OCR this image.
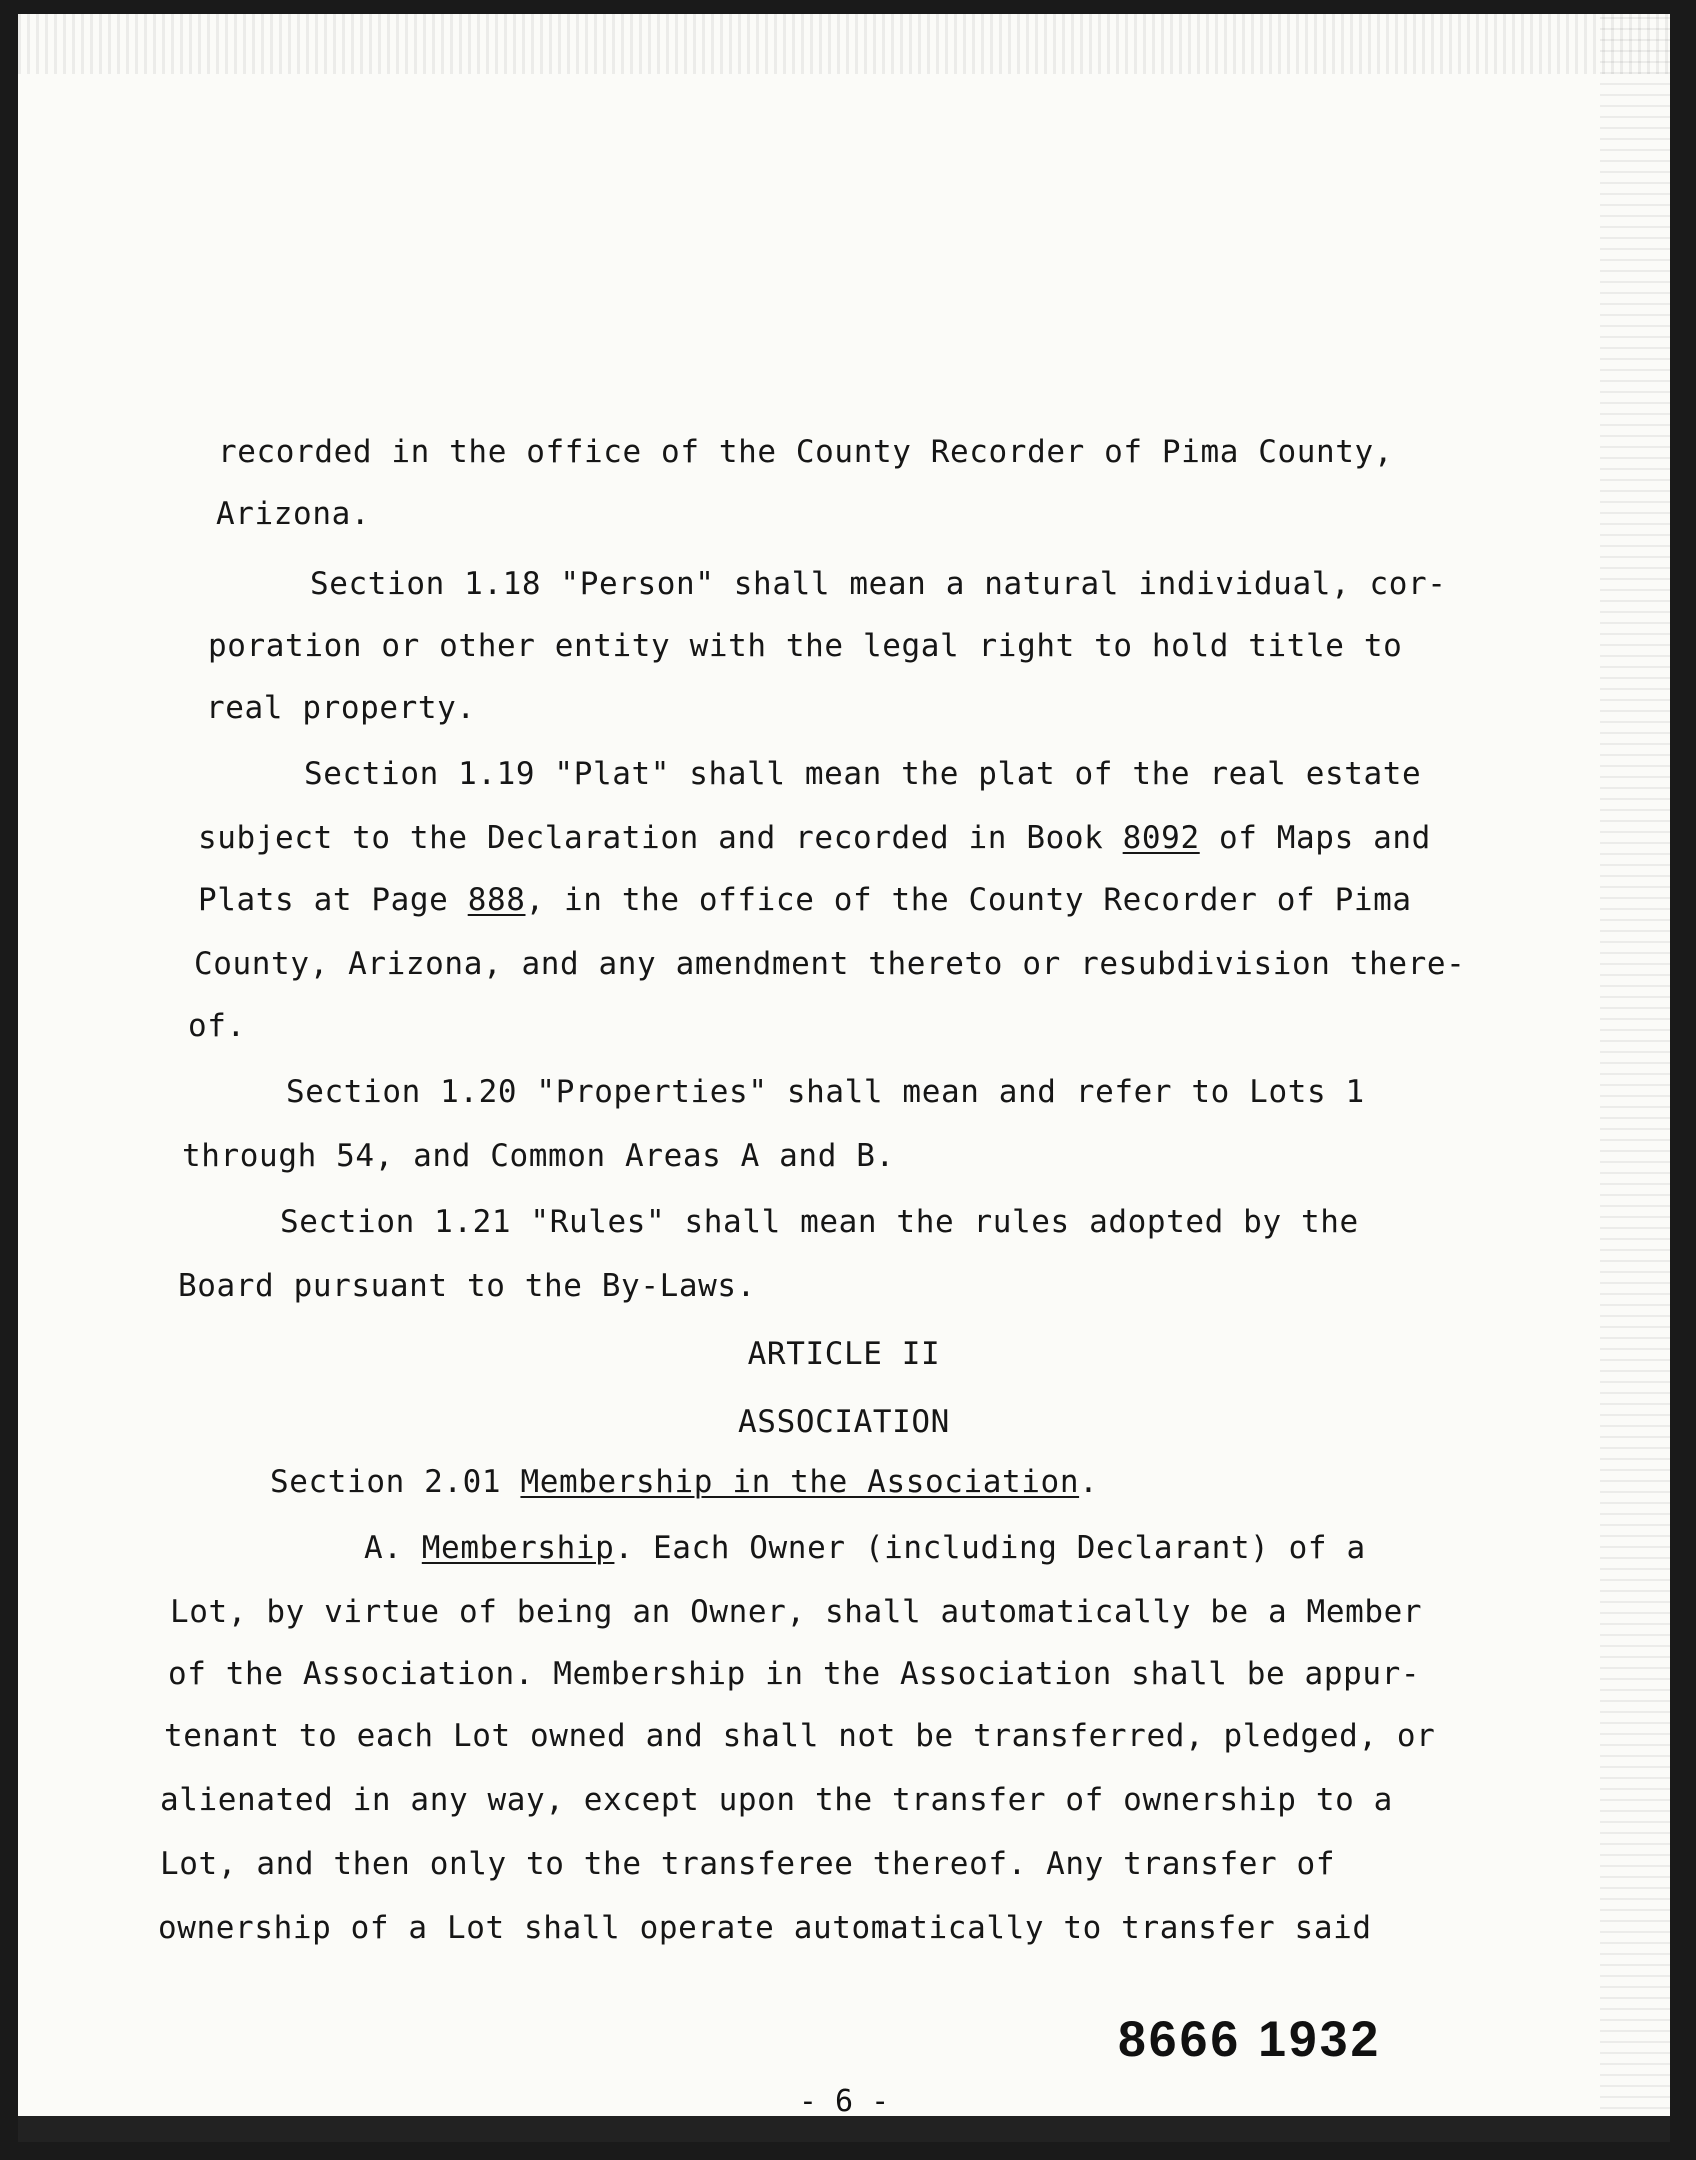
recorded in the office of the County Recorder of Pima County,
Arizona.
Section 1.18 "Person" shall mean a natural individual, cor-
poration or other entity with the legal right to hold title to
real property.
Section 1.19 "Plat" shall mean the plat of the real estate
subject to the Declaration and recorded in Book 8092 of Maps and
Plats at Page 888, in the office of the County Recorder of Pima
County, Arizona, and any amendment thereto or resubdivision there-
of.
Section 1.20 "Properties" shall mean and refer to Lots 1
through 54, and Common Areas A and B.
Section 1.21 "Rules" shall mean the rules adopted by the
Board pursuant to the By-Laws.
ARTICLE II
ASSOCIATION
Section 2.01 Membership in the Association.
A. Membership. Each Owner (including Declarant) of a
Lot, by virtue of being an Owner, shall automatically be a Member
of the Association. Membership in the Association shall be appur-
tenant to each Lot owned and shall not be transferred, pledged, or
alienated in any way, except upon the transfer of ownership to a
Lot, and then only to the transferee thereof. Any transfer of
ownership of a Lot shall operate automatically to transfer said
8666 1932
- 6 -
